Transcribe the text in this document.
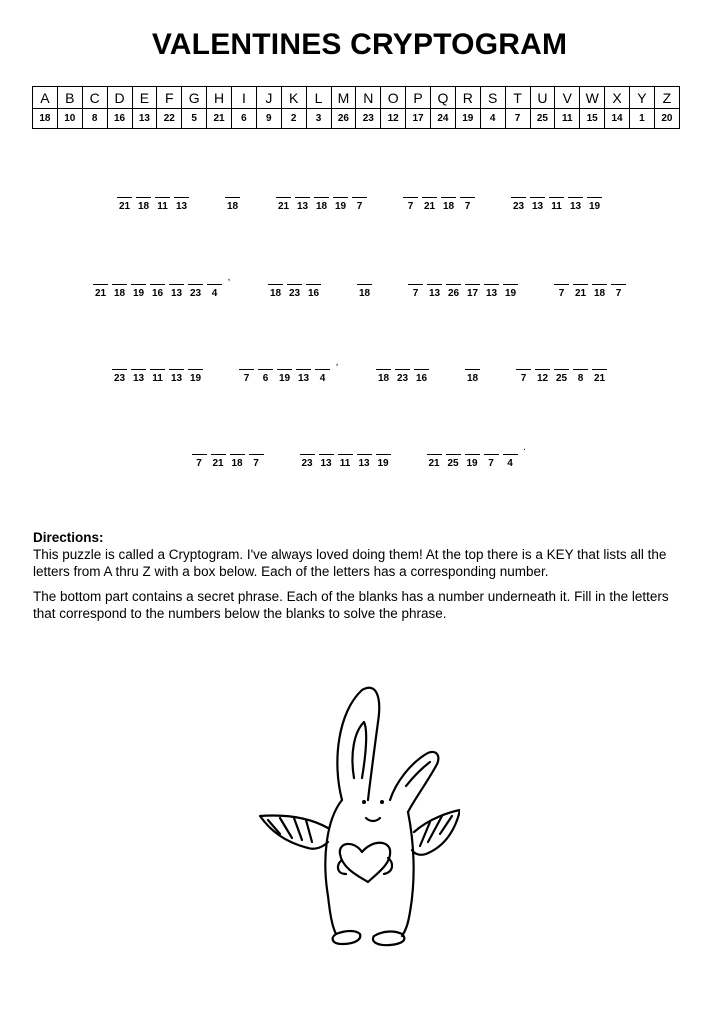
VALENTINES CRYPTOGRAM
A	B	C	D	E	F	G	H	I	J	K	L	M	N	O	P	Q	R	S	T	U	V	W	X	Y	Z
18	10	8	16	13	22	5	21	6	9	2	3	26	23	12	17	24	19	4	7	25	11	15	14	1	20
21 18 11 13	18	21 13 18 19 7	7 21 18 7	23 13 11 13 19
21 18 19 16 13 23 4
,
18 23 16	18	7 13 26 17 13 19	7 21 18 7
23 13 11 13 19	7 6 19 13 4
,
18 23 16	18	7 12 25 8 21
7 21 18 7	23 13 11 13 19	21 25 19 7 4
.
Directions:

This puzzle is called a Cryptogram. I've always loved doing them! At the top there is a KEY that lists all the letters from A thru Z with a box below. Each of the letters has a corresponding number.

The bottom part contains a secret phrase. Each of the blanks has a number underneath it. Fill in the letters that correspond to the numbers below the blanks to solve the phrase.
